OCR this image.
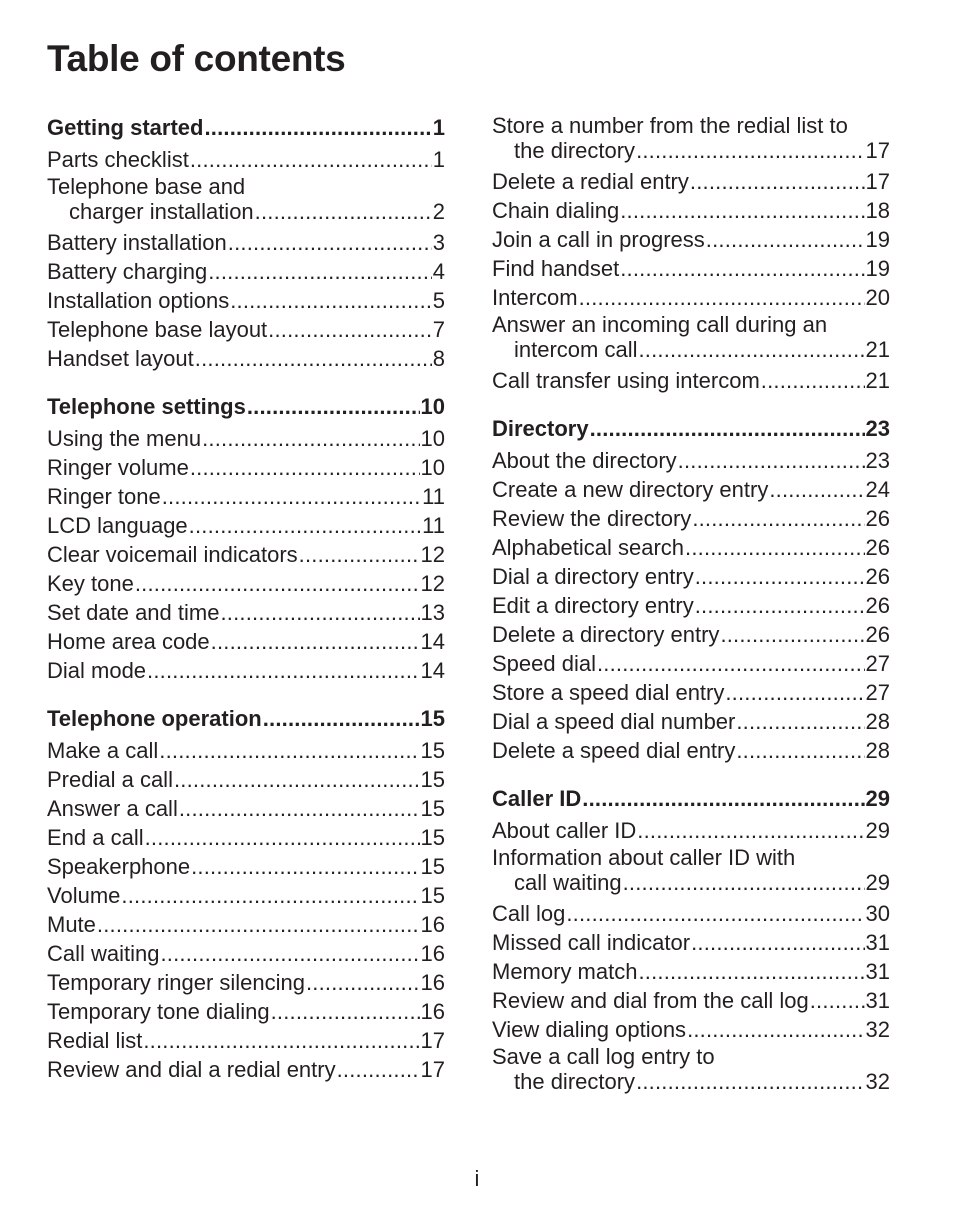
Table of contents
Getting started .....	1
Parts checklist .....	1
Telephone base and
charger installation .....	2
Battery installation .....	3
Battery charging .....	4
Installation options .....	5
Telephone base layout .....	7
Handset layout .....	8
Telephone settings .....	10
Using the menu .....	10
Ringer volume .....	10
Ringer tone .....	11
LCD language .....	11
Clear voicemail indicators .....	12
Key tone .....	12
Set date and time .....	13
Home area code .....	14
Dial mode .....	14
Telephone operation .....	15
Make a call .....	15
Predial a call .....	15
Answer a call .....	15
End a call .....	15
Speakerphone .....	15
Volume .....	15
Mute .....	16
Call waiting .....	16
Temporary ringer silencing .....	16
Temporary tone dialing .....	16
Redial list .....	17
Review and dial a redial entry .....	17
Store a number from the redial list to
the directory .....	17
Delete a redial entry .....	17
Chain dialing .....	18
Join a call in progress .....	19
Find handset .....	19
Intercom .....	20
Answer an incoming call during an
intercom call .....	21
Call transfer using intercom .....	21
Directory .....	23
About the directory .....	23
Create a new directory entry .....	24
Review the directory .....	26
Alphabetical search .....	26
Dial a directory entry .....	26
Edit a directory entry .....	26
Delete a directory entry .....	26
Speed dial .....	27
Store a speed dial entry .....	27
Dial a speed dial number .....	28
Delete a speed dial entry .....	28
Caller ID .....	29
About caller ID .....	29
Information about caller ID with
call waiting .....	29
Call log .....	30
Missed call indicator .....	31
Memory match .....	31
Review and dial from the call log .....	31
View dialing options .....	32
Save a call log entry to
the directory .....	32
i
